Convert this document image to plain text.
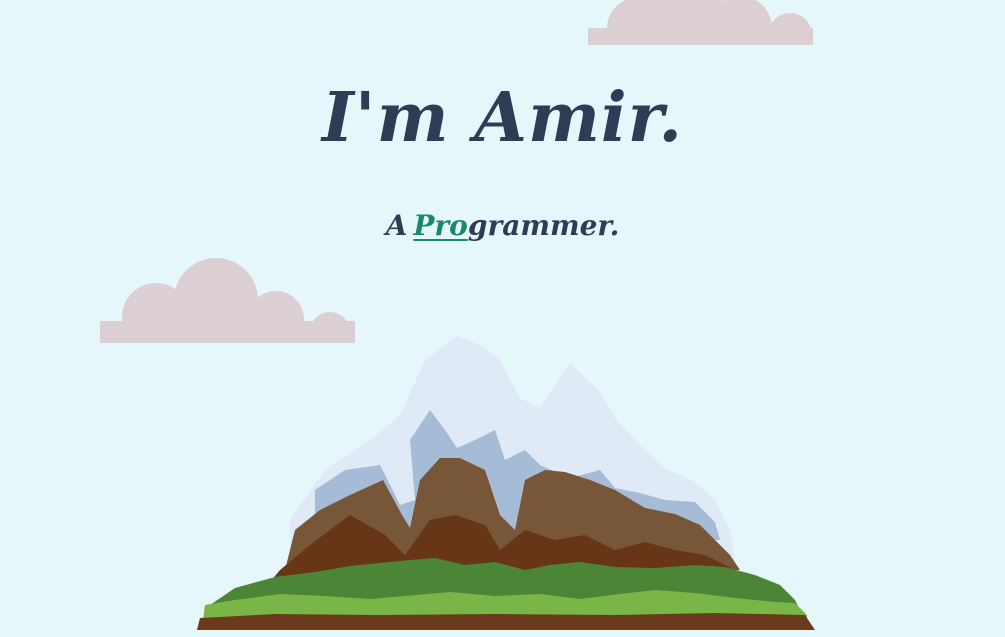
I'm Amir.

A Programmer.
